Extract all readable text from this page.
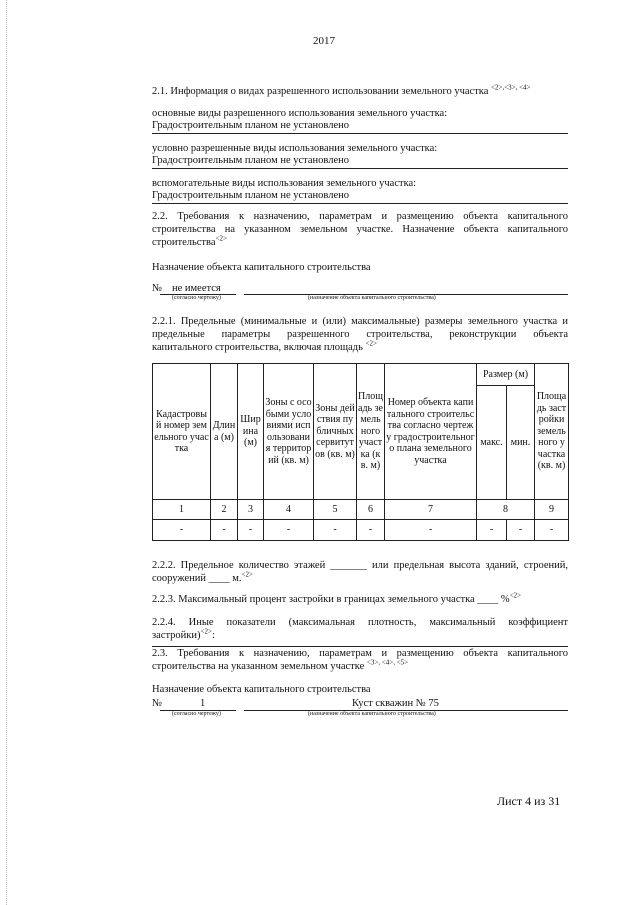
2017
2.1. Информация о видах разрешенного использовании земельного участка $^{<2>,<3>, <4>}$
основные виды разрешенного использования земельного участка:
Градостроительным планом не установлено
условно разрешенные виды использования земельного участка:
Градостроительным планом не установлено
вспомогательные виды использования земельного участка:
Градостроительным планом не установлено
2.2. Требования к назначению, параметрам и размещению объекта капитального
строительства на указанном земельном участке. Назначение объекта капитального
строительства$^{<2>}$
Назначение объекта капитального строительства
№ не имеется
(согласно чертежу)	(назначение объекта капитального строительства)
2.2.1. Предельные (минимальные и (или) максимальные) размеры земельного участка и
предельные параметры разрешенного строительства, реконструкции объекта
капитального строительства, включая площадь $^{<2>}$
Кадастровый номер земельного участка	Длина (м)	Ширина (м)	Зоны с особыми условиями использования территорий (кв. м)	Зоны действия публичных сервитутов (кв. м)	Площадь земельного участка (кв. м)	Номер объекта капитального строительства согласно чертежу градостроительного плана земельного участка	Размер (м)		Площадь застройки земельного участка (кв. м)
							макс.	мин.	
1	2	3	4	5	6	7	8		9
-	-	-	-	-	-	-	-	-	-
2.2.2. Предельное количество этажей _______ или предельная высота зданий, строений,
сооружений ____ м.$^{<2>}$
2.2.3. Максимальный процент застройки в границах земельного участка ____ %$^{<2>}$
2.2.4. Иные показатели (максимальная плотность, максимальный коэффициент
застройки)$^{<2>}$:
2.3. Требования к назначению, параметрам и размещению объекта капитального
строительства на указанном земельном участке $^{<3>, <4>, <5>}$
Назначение объекта капитального строительства
№	1	Куст скважин № 75
(согласно чертежу)	(назначение объекта капитального строительства)
Лист 4 из 31
